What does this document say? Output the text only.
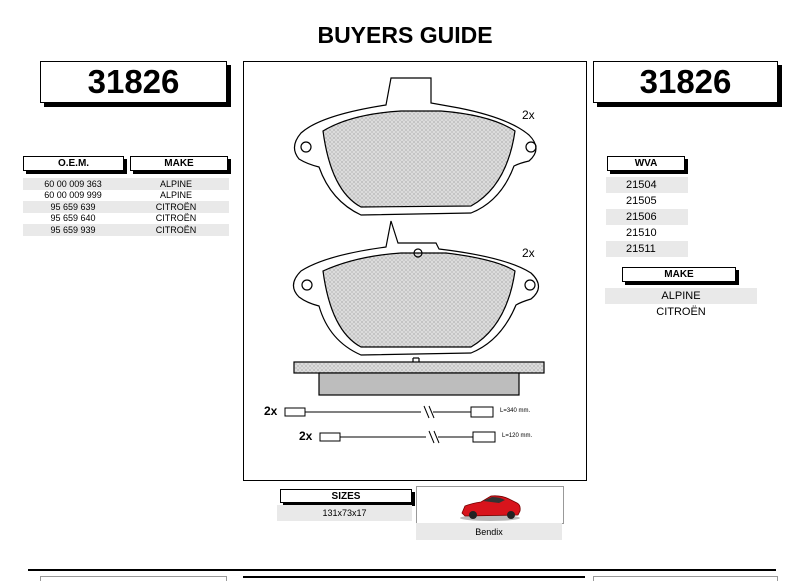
BUYERS GUIDE
31826	31826
O.E.M.	MAKE
60 00 009 363	ALPINE
60 00 009 999	ALPINE
95 659 639	CITROËN
95 659 640	CITROËN
95 659 939	CITROËN
WVA
21504
21505
21506
21510
21511
MAKE
ALPINE
CITROËN
2x
2x
2x
2x
L=340 mm.
L=120 mm.
SIZES
131x73x17
Bendix
